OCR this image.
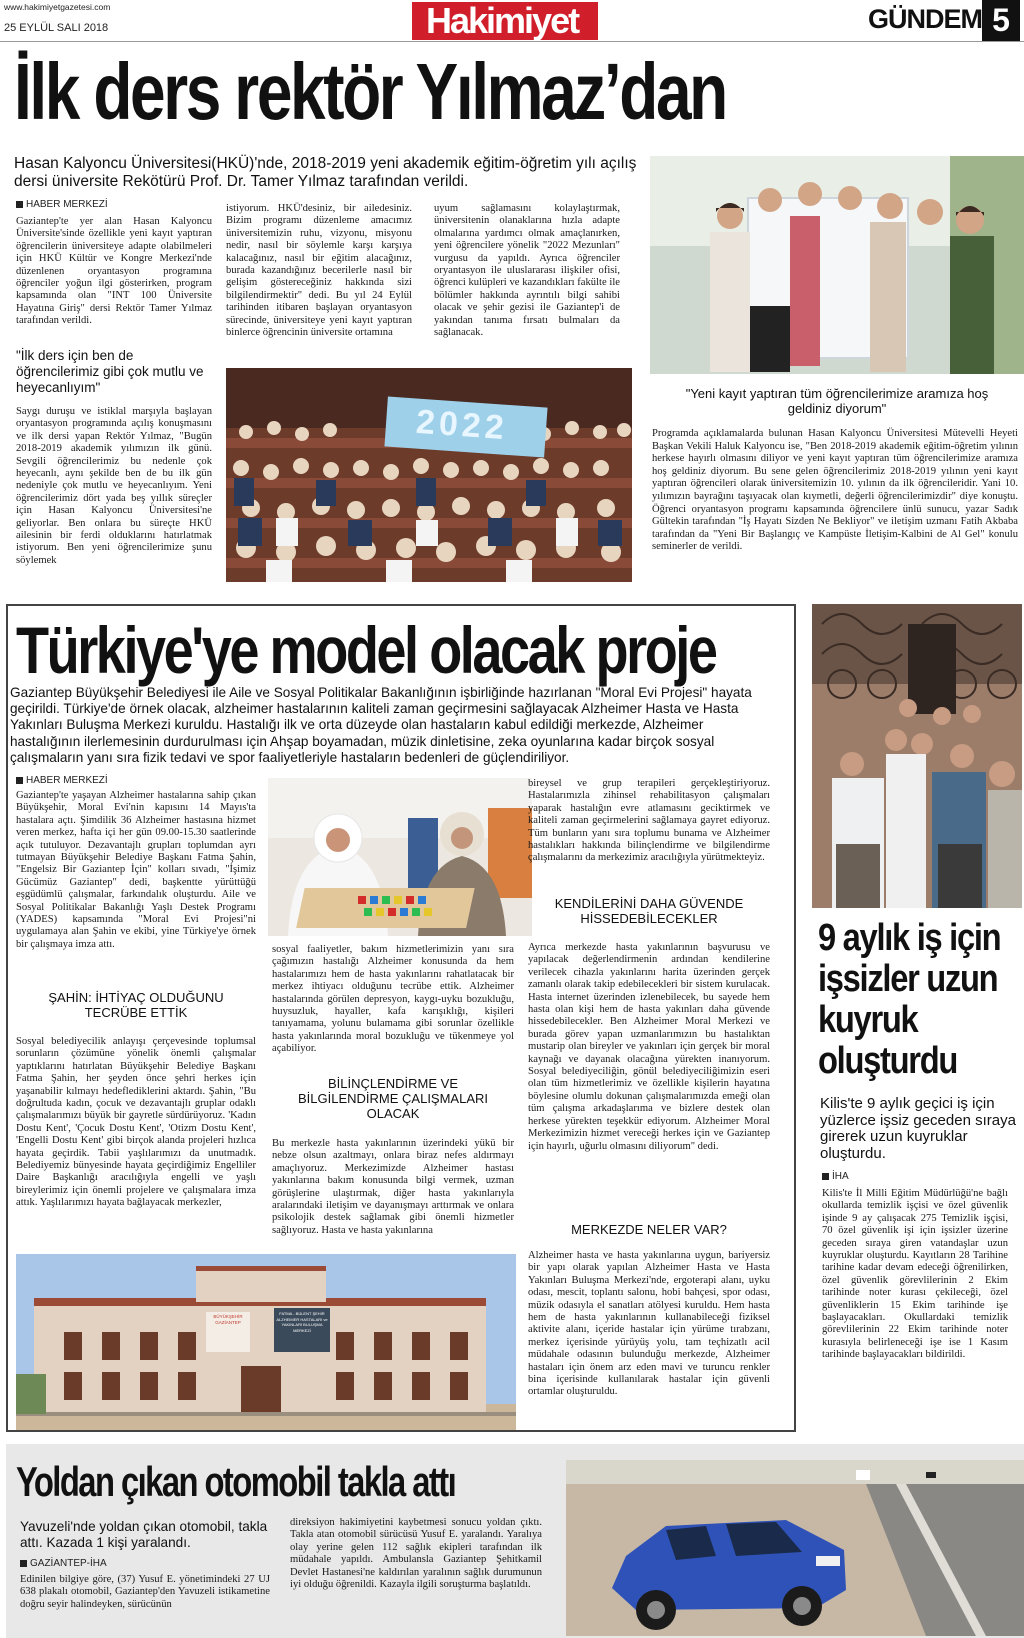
www.hakimiyetgazetesi.com
25 EYLÜL SALI 2018	Hakimiyet	GÜNDEM 5
İlk ders rektör Yılmaz’dan
Hasan Kalyoncu Üniversitesi(HKÜ)'nde, 2018-2019 yeni akademik eğitim-öğretim yılı açılış dersi üniversite Rekötürü Prof. Dr. Tamer Yılmaz tarafından verildi.
HABER MERKEZİ
Gaziantep'te yer alan Hasan Kalyoncu Üniversite'sinde özellikle yeni kayıt yaptıran öğrencilerin üniversiteye adapte olabilmeleri için HKÜ Kültür ve Kongre Merkezi'nde düzenlenen oryantasyon programına öğrenciler yoğun ilgi gösterirken, program kapsamında olan "INT 100 Üniversite Hayatına Giriş" dersi Rektör Tamer Yılmaz tarafından verildi.
"İlk ders için ben de öğrencilerimiz gibi çok mutlu ve heyecanlıyım"
Saygı duruşu ve istiklal marşıyla başlayan oryantasyon programında açılış konuşmasını ve ilk dersi yapan Rektör Yılmaz, "Bugün 2018-2019 akademik yılımızın ilk günü. Sevgili öğrencilerimiz bu nedenle çok heyecanlı, aynı şekilde ben de bu ilk gün nedeniyle çok mutlu ve heyecanlıyım. Yeni öğrencilerimiz dört yada beş yıllık süreçler için Hasan Kalyoncu Üniversitesi'ne geliyorlar. Ben onlara bu süreçte HKÜ ailesinin bir ferdi olduklarını hatırlatmak istiyorum. Ben yeni öğrencilerimize şunu söylemek
istiyorum. HKÜ'desiniz, bir ailedesiniz. Bizim programı düzenleme amacımız üniversitemizin ruhu, vizyonu, misyonu nedir, nasıl bir söylemle karşı karşıya kalacağınız, nasıl bir eğitim alacağınız, burada kazandığınız becerilerle nasıl bir gelişim göstereceğiniz hakkında sizi bilgilendirmektir" dedi. Bu yıl 24 Eylül tarihinden itibaren başlayan oryantasyon sürecinde, üniversiteye yeni kayıt yaptıran binlerce öğrencinin üniversite ortamına
uyum sağlamasını kolaylaştırmak, üniversitenin olanaklarına hızla adapte olmalarına yardımcı olmak amaçlanırken, yeni öğrencilere yönelik "2022 Mezunları" vurgusu da yapıldı. Ayrıca öğrenciler oryantasyon ile uluslararası ilişkiler ofisi, öğrenci kulüpleri ve kazandıkları fakülte ile bölümler hakkında ayrıntılı bilgi sahibi olacak ve şehir gezisi ile Gaziantep'i de yakından tanıma fırsatı bulmaları da sağlanacak.
2022
"Yeni kayıt yaptıran tüm öğrencilerimize aramıza hoş geldiniz diyorum"
Programda açıklamalarda bulunan Hasan Kalyoncu Üniversitesi Mütevelli Heyeti Başkan Vekili Haluk Kalyoncu ise, "Ben 2018-2019 akademik eğitim-öğretim yılının herkese hayırlı olmasını diliyor ve yeni kayıt yaptıran tüm öğrencilerimize aramıza hoş geldiniz diyorum. Bu sene gelen öğrencilerimiz 2018-2019 yılının yeni kayıt yaptıran öğrencileri olarak üniversitemizin 10. yılının da ilk öğrencileridir. Yani 10. yılımızın bayrağını taşıyacak olan kıymetli, değerli öğrencilerimizdir" diye konuştu. Öğrenci oryantasyon programı kapsamında öğrencilere ünlü sunucu, yazar Sadık Gültekin tarafından "İş Hayatı Sizden Ne Bekliyor" ve iletişim uzmanı Fatih Akbaba tarafından da "Yeni Bir Başlangıç ve Kampüste İletişim-Kalbini de Al Gel" konulu seminerler de verildi.
Türkiye'ye model olacak proje
Gaziantep Büyükşehir Belediyesi ile Aile ve Sosyal Politikalar Bakanlığının işbirliğinde hazırlanan "Moral Evi Projesi" hayata geçirildi. Türkiye'de örnek olacak, alzheimer hastalarının kaliteli zaman geçirmesini sağlayacak Alzheimer Hasta ve Hasta Yakınları Buluşma Merkezi kuruldu. Hastalığı ilk ve orta düzeyde olan hastaların kabul edildiği merkezde, Alzheimer hastalığının ilerlemesinin durdurulması için Ahşap boyamadan, müzik dinletisine, zeka oyunlarına kadar birçok sosyal çalışmaların yanı sıra fizik tedavi ve spor faaliyetleriyle hastaların bedenleri de güçlendiriliyor.
HABER MERKEZİ
Gaziantep'te yaşayan Alzheimer hastalarına sahip çıkan Büyükşehir, Moral Evi'nin kapısını 14 Mayıs'ta hastalara açtı. Şimdilik 36 Alzheimer hastasına hizmet veren merkez, hafta içi her gün 09.00-15.30 saatlerinde açık tutuluyor. Dezavantajlı grupları toplumdan ayrı tutmayan Büyükşehir Belediye Başkanı Fatma Şahin, "Engelsiz Bir Gaziantep İçin" kolları sıvadı, "İşimiz Gücümüz Gaziantep" dedi, başkentte yürüttüğü eşgüdümlü çalışmalar, farkındalık oluşturdu. Aile ve Sosyal Politikalar Bakanlığı Yaşlı Destek Programı (YADES) kapsamında "Moral Evi Projesi"ni uygulamaya alan Şahin ve ekibi, yine Türkiye'ye örnek bir çalışmaya imza attı.
ŞAHİN: İHTİYAÇ OLDUĞUNU TECRÜBE ETTİK
Sosyal belediyecilik anlayışı çerçevesinde toplumsal sorunların çözümüne yönelik önemli çalışmalar yaptıklarını hatırlatan Büyükşehir Belediye Başkanı Fatma Şahin, her şeyden önce şehri herkes için yaşanabilir kılmayı hedeflediklerini aktardı. Şahin, "Bu doğrultuda kadın, çocuk ve dezavantajlı gruplar odaklı çalışmalarımızı büyük bir gayretle sürdürüyoruz. 'Kadın Dostu Kent', 'Çocuk Dostu Kent', 'Otizm Dostu Kent', 'Engelli Dostu Kent' gibi birçok alanda projeleri hızlıca hayata geçirdik. Tabii yaşlılarımızı da unutmadık. Belediyemiz bünyesinde hayata geçirdiğimiz Engelliler Daire Başkanlığı aracılığıyla engelli ve yaşlı bireylerimiz için önemli projelere ve çalışmalara imza attık. Yaşlılarımızı hayata bağlayacak merkezler,
sosyal faaliyetler, bakım hizmetlerimizin yanı sıra çağımızın hastalığı Alzheimer konusunda da hem hastalarımızı hem de hasta yakınlarını rahatlatacak bir merkez ihtiyacı olduğunu tecrübe ettik. Alzheimer hastalarında görülen depresyon, kaygı-uyku bozukluğu, huysuzluk, hayaller, kafa karışıklığı, kişileri tanıyamama, yolunu bulamama gibi sorunlar özellikle hasta yakınlarında moral bozukluğu ve tükenmeye yol açabiliyor.
BİLİNÇLENDİRME VE BİLGİLENDİRME ÇALIŞMALARI OLACAK
Bu merkezle hasta yakınlarının üzerindeki yükü bir nebze olsun azaltmayı, onlara biraz nefes aldırmayı amaçlıyoruz. Merkezimizde Alzheimer hastası yakınlarına bakım konusunda bilgi vermek, uzman görüşlerine ulaştırmak, diğer hasta yakınlarıyla aralarındaki iletişim ve dayanışmayı arttırmak ve onlara psikolojik destek sağlamak gibi önemli hizmetler sağlıyoruz. Hasta ve hasta yakınlarına
bireysel ve grup terapileri gerçekleştiriyoruz. Hastalarımızla zihinsel rehabilitasyon çalışmaları yaparak hastalığın evre atlamasını geciktirmek ve kaliteli zaman geçirmelerini sağlamaya gayret ediyoruz. Tüm bunların yanı sıra toplumu bunama ve Alzheimer hastalıkları hakkında bilinçlendirme ve bilgilendirme çalışmalarını da merkezimiz aracılığıyla yürütmekteyiz.
KENDİLERİNİ DAHA GÜVENDE HİSSEDEBİLECEKLER
Ayrıca merkezde hasta yakınlarının başvurusu ve yapılacak değerlendirmenin ardından kendilerine verilecek cihazla yakınlarını harita üzerinden gerçek zamanlı olarak takip edebilecekleri bir sistem kurulacak. Hasta internet üzerinden izlenebilecek, bu sayede hem hasta olan kişi hem de hasta yakınları daha güvende hissedebilecekler. Ben Alzheimer Moral Merkezi ve burada görev yapan uzmanlarımızın bu hastalıktan mustarip olan bireyler ve yakınları için gerçek bir moral kaynağı ve dayanak olacağına yürekten inanıyorum. Sosyal belediyeciliğin, gönül belediyeciliğimizin eseri olan tüm hizmetlerimiz ve özellikle kişilerin hayatına böylesine olumlu dokunan çalışmalarımızda emeği olan tüm çalışma arkadaşlarıma ve bizlere destek olan herkese yürekten teşekkür ediyorum. Alzheimer Moral Merkezimizin hizmet vereceği herkes için ve Gaziantep için hayırlı, uğurlu olmasını diliyorum" dedi.
MERKEZDE NELER VAR?
Alzheimer hasta ve hasta yakınlarına uygun, bariyersiz bir yapı olarak yapılan Alzheimer Hasta ve Hasta Yakınları Buluşma Merkezi'nde, ergoterapi alanı, uyku odası, mescit, toplantı salonu, hobi bahçesi, spor odası, müzik odasıyla el sanatları atölyesi kuruldu. Hem hasta hem de hasta yakınlarının kullanabileceği fiziksel aktivite alanı, içeride hastalar için yürüme tırabzanı, merkez içerisinde yürüyüş yolu, tam teçhizatlı acil müdahale odasının bulunduğu merkezde, Alzheimer hastaları için önem arz eden mavi ve turuncu renkler bina içerisinde kullanılarak hastalar için güvenli ortamlar oluşturuldu.
BÜYÜKŞEHİR GAZİANTEP
FATMA - BÜLENT ŞEHİR ALZHEIMER HASTALARI ve YAKINLARI BULUŞMA MERKEZİ
9 aylık iş için işsizler uzun kuyruk oluşturdu
Kilis'te 9 aylık geçici iş için yüzlerce işsiz geceden sıraya girerek uzun kuyruklar oluşturdu.
İHA
Kilis'te İl Milli Eğitim Müdürlüğü'ne bağlı okullarda temizlik işçisi ve özel güvenlik işinde 9 ay çalışacak 275 Temizlik işçisi, 70 özel güvenlik işi için işsizler üzerine geceden sıraya giren vatandaşlar uzun kuyruklar oluşturdu. Kayıtların 28 Tarihine tarihine kadar devam edeceği öğrenilirken, özel güvenlik görevlilerinin 2 Ekim tarihinde noter kurası çekileceği, özel güvenliklerin 15 Ekim tarihinde işe başlayacakları. Okullardaki temizlik görevlilerinin 22 Ekim tarihinde noter kurasıyla belirleneceği işe ise 1 Kasım tarihinde başlayacakları bildirildi.
Yoldan çıkan otomobil takla attı
Yavuzeli'nde yoldan çıkan otomobil, takla attı. Kazada 1 kişi yaralandı.
GAZİANTEP-İHA
Edinilen bilgiye göre, (37) Yusuf E. yönetimindeki 27 UJ 638 plakalı otomobil, Gaziantep'den Yavuzeli istikametine doğru seyir halindeyken, sürücünün
direksiyon hakimiyetini kaybetmesi sonucu yoldan çıktı. Takla atan otomobil sürücüsü Yusuf E. yaralandı. Yaralıya olay yerine gelen 112 sağlık ekipleri tarafından ilk müdahale yapıldı. Ambulansla Gaziantep Şehitkamil Devlet Hastanesi'ne kaldırılan yaralının sağlık durumunun iyi olduğu öğrenildi. Kazayla ilgili soruşturma başlatıldı.
